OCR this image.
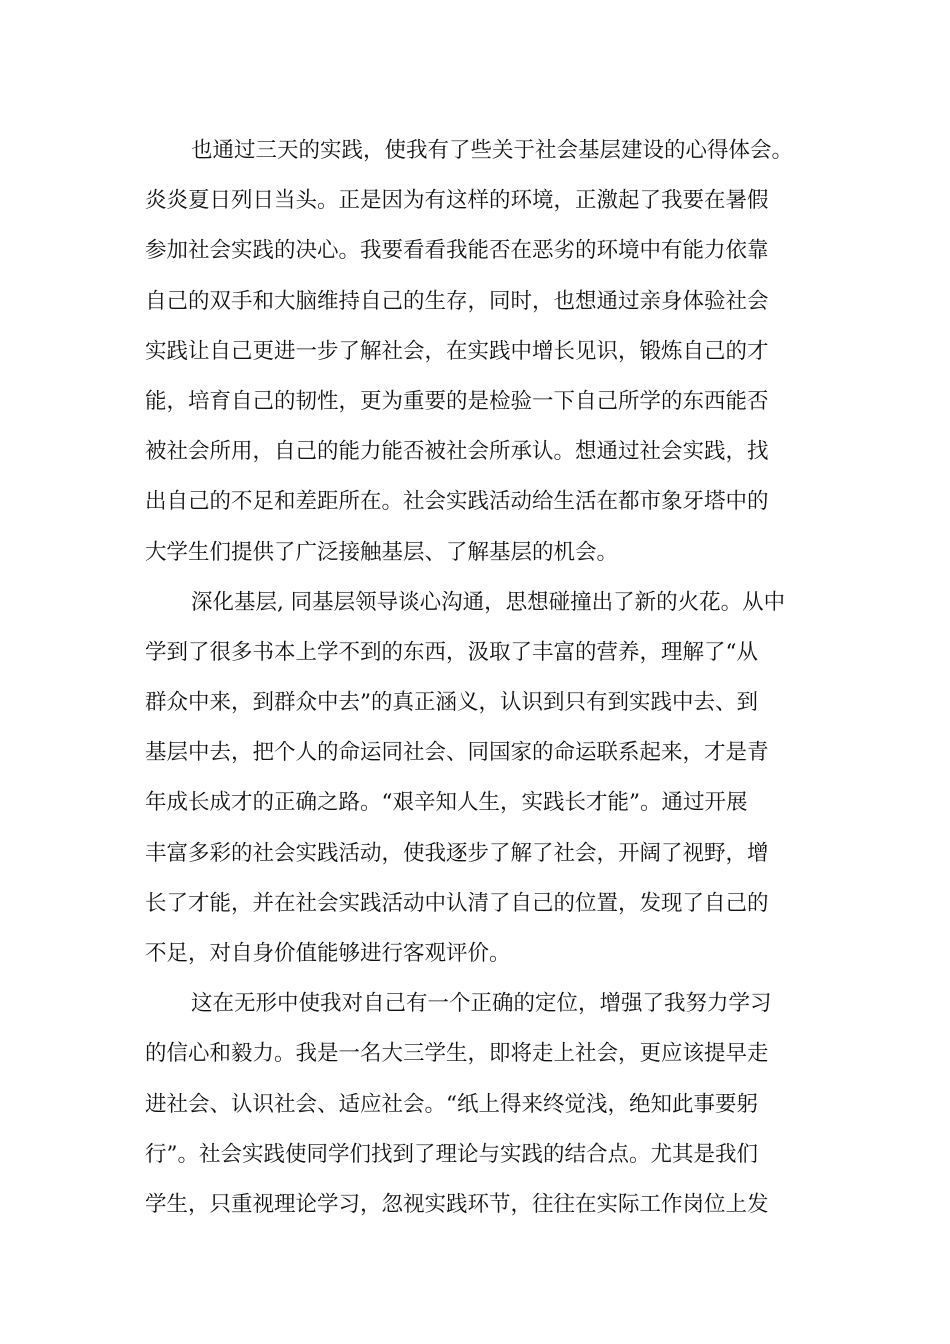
也通过三天的实践，使我有了些关于社会基层建设的心得体会。
炎炎夏日列日当头。正是因为有这样的环境，正激起了我要在暑假
参加社会实践的决心。我要看看我能否在恶劣的环境中有能力依靠
自己的双手和大脑维持自己的生存，同时，也想通过亲身体验社会
实践让自己更进一步了解社会，在实践中增长见识，锻炼自己的才
能，培育自己的韧性，更为重要的是检验一下自己所学的东西能否
被社会所用，自己的能力能否被社会所承认。想通过社会实践，找
出自己的不足和差距所在。社会实践活动给生活在都市象牙塔中的
大学生们提供了广泛接触基层、了解基层的机会。
深化基层, 同基层领导谈心沟通，思想碰撞出了新的火花。从中
学到了很多书本上学不到的东西，汲取了丰富的营养，理解了“从
群众中来，到群众中去”的真正涵义，认识到只有到实践中去、到
基层中去，把个人的命运同社会、同国家的命运联系起来，才是青
年成长成才的正确之路。“艰辛知人生，实践长才能”。通过开展
丰富多彩的社会实践活动，使我逐步了解了社会，开阔了视野，增
长了才能，并在社会实践活动中认清了自己的位置，发现了自己的
不足，对自身价值能够进行客观评价。
这在无形中使我对自己有一个正确的定位，增强了我努力学习
的信心和毅力。我是一名大三学生，即将走上社会，更应该提早走
进社会、认识社会、适应社会。“纸上得来终觉浅，绝知此事要躬
行”。社会实践使同学们找到了理论与实践的结合点。尤其是我们
学生，只重视理论学习，忽视实践环节，往往在实际工作岗位上发
